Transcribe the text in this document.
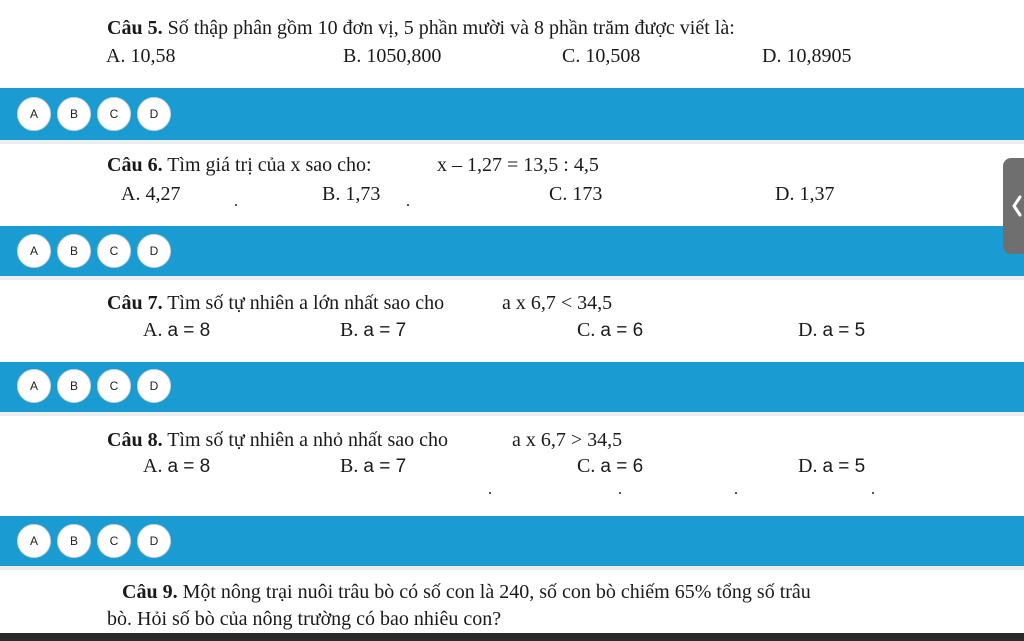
Câu 5. Số thập phân gồm 10 đơn vị, 5 phần mười và 8 phần trăm được viết là:
A. 10,58	B. 1050,800	C. 10,508	D. 10,8905
A	B	C	D
Câu 6. Tìm giá trị của x sao cho:	x – 1,27 = 13,5 : 4,5
A. 4,27	B. 1,73	C. 173	D. 1,37
A	B	C	D
Câu 7. Tìm số tự nhiên a lớn nhất sao cho	a x 6,7 < 34,5
A. a = 8	B. a = 7	C. a = 6	D. a = 5
A	B	C	D
Câu 8. Tìm số tự nhiên a nhỏ nhất sao cho	a x 6,7 > 34,5
A. a = 8	B. a = 7	C. a = 6	D. a = 5
A	B	C	D
Câu 9. Một nông trại nuôi trâu bò có số con là 240, số con bò chiếm 65% tổng số trâu
bò. Hỏi số bò của nông trường có bao nhiêu con?
